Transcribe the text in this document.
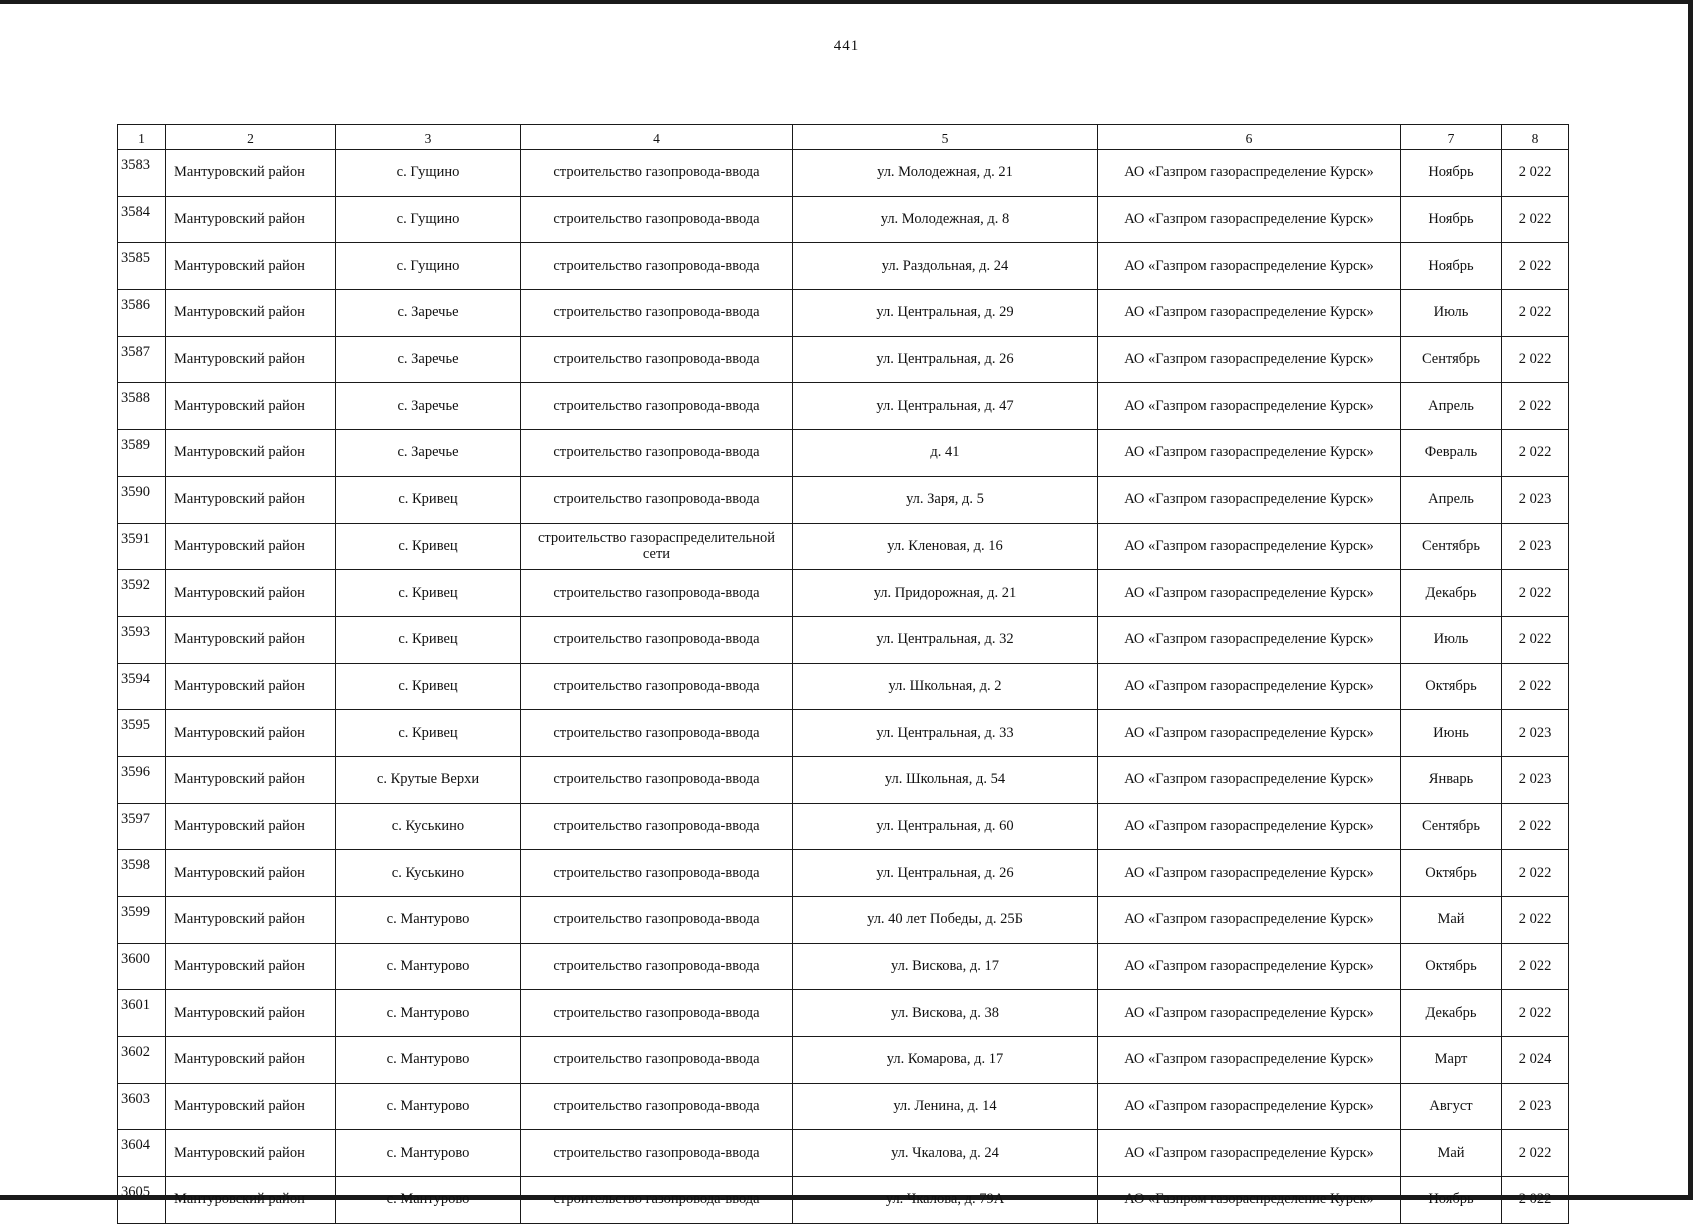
441
1	2	3	4	5	6	7	8
3583	Мантуровский район	с. Гущино	строительство газопровода-ввода	ул. Молодежная, д. 21	АО «Газпром газораспределение Курск»	Ноябрь	2 022
3584	Мантуровский район	с. Гущино	строительство газопровода-ввода	ул. Молодежная, д. 8	АО «Газпром газораспределение Курск»	Ноябрь	2 022
3585	Мантуровский район	с. Гущино	строительство газопровода-ввода	ул. Раздольная, д. 24	АО «Газпром газораспределение Курск»	Ноябрь	2 022
3586	Мантуровский район	с. Заречье	строительство газопровода-ввода	ул. Центральная, д. 29	АО «Газпром газораспределение Курск»	Июль	2 022
3587	Мантуровский район	с. Заречье	строительство газопровода-ввода	ул. Центральная, д. 26	АО «Газпром газораспределение Курск»	Сентябрь	2 022
3588	Мантуровский район	с. Заречье	строительство газопровода-ввода	ул. Центральная, д. 47	АО «Газпром газораспределение Курск»	Апрель	2 022
3589	Мантуровский район	с. Заречье	строительство газопровода-ввода	д. 41	АО «Газпром газораспределение Курск»	Февраль	2 022
3590	Мантуровский район	с. Кривец	строительство газопровода-ввода	ул. Заря, д. 5	АО «Газпром газораспределение Курск»	Апрель	2 023
3591	Мантуровский район	с. Кривец	строительство газораспределительной сети	ул. Кленовая, д. 16	АО «Газпром газораспределение Курск»	Сентябрь	2 023
3592	Мантуровский район	с. Кривец	строительство газопровода-ввода	ул. Придорожная, д. 21	АО «Газпром газораспределение Курск»	Декабрь	2 022
3593	Мантуровский район	с. Кривец	строительство газопровода-ввода	ул. Центральная, д. 32	АО «Газпром газораспределение Курск»	Июль	2 022
3594	Мантуровский район	с. Кривец	строительство газопровода-ввода	ул. Школьная, д. 2	АО «Газпром газораспределение Курск»	Октябрь	2 022
3595	Мантуровский район	с. Кривец	строительство газопровода-ввода	ул. Центральная, д. 33	АО «Газпром газораспределение Курск»	Июнь	2 023
3596	Мантуровский район	с. Крутые Верхи	строительство газопровода-ввода	ул. Школьная, д. 54	АО «Газпром газораспределение Курск»	Январь	2 023
3597	Мантуровский район	с. Куськино	строительство газопровода-ввода	ул. Центральная, д. 60	АО «Газпром газораспределение Курск»	Сентябрь	2 022
3598	Мантуровский район	с. Куськино	строительство газопровода-ввода	ул. Центральная, д. 26	АО «Газпром газораспределение Курск»	Октябрь	2 022
3599	Мантуровский район	с. Мантурово	строительство газопровода-ввода	ул. 40 лет Победы, д. 25Б	АО «Газпром газораспределение Курск»	Май	2 022
3600	Мантуровский район	с. Мантурово	строительство газопровода-ввода	ул. Вискова, д. 17	АО «Газпром газораспределение Курск»	Октябрь	2 022
3601	Мантуровский район	с. Мантурово	строительство газопровода-ввода	ул. Вискова, д. 38	АО «Газпром газораспределение Курск»	Декабрь	2 022
3602	Мантуровский район	с. Мантурово	строительство газопровода-ввода	ул. Комарова, д. 17	АО «Газпром газораспределение Курск»	Март	2 024
3603	Мантуровский район	с. Мантурово	строительство газопровода-ввода	ул. Ленина, д. 14	АО «Газпром газораспределение Курск»	Август	2 023
3604	Мантуровский район	с. Мантурово	строительство газопровода-ввода	ул. Чкалова, д. 24	АО «Газпром газораспределение Курск»	Май	2 022
3605	Мантуровский район	с. Мантурово	строительство газопровода-ввода	ул. Чкалова, д. 79А	АО «Газпром газораспределение Курск»	Ноябрь	2 022
